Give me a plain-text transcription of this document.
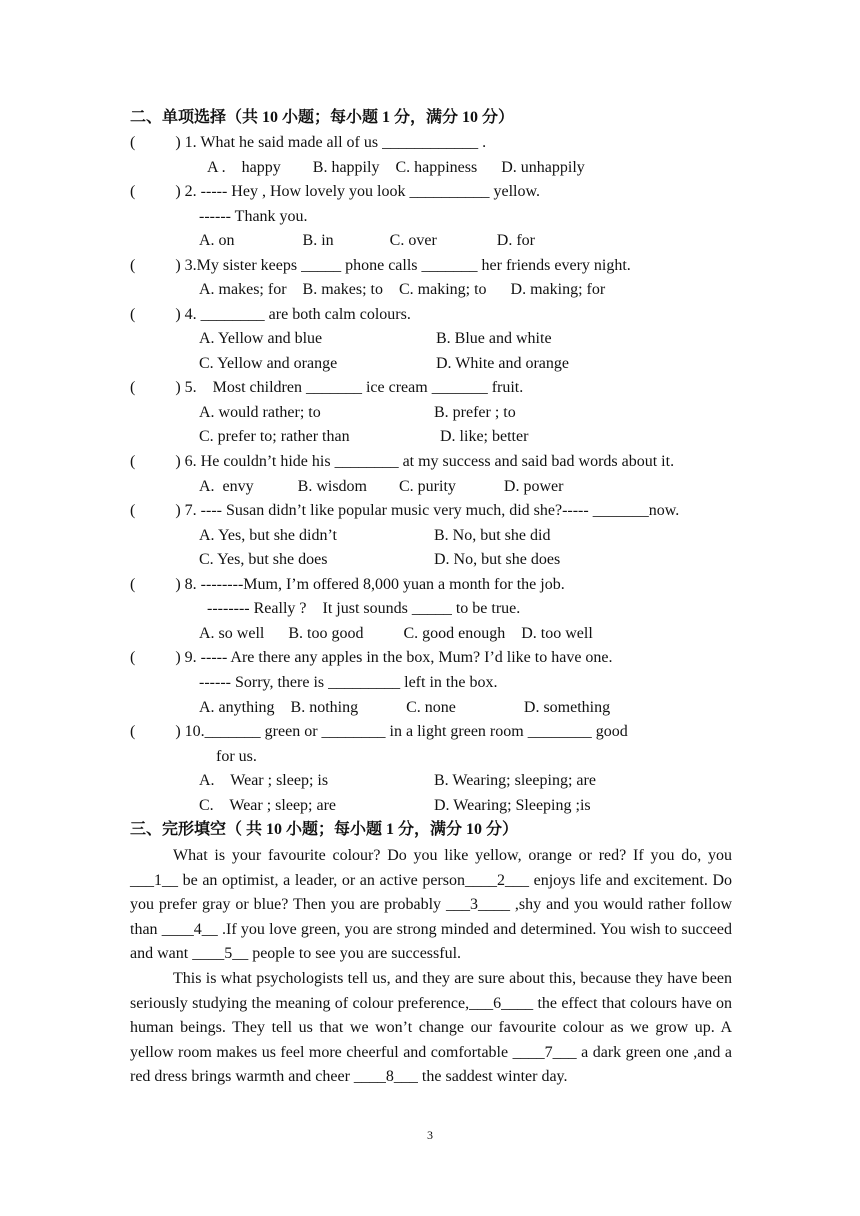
二、单项选择（共 10 小题；每小题 1 分，满分 10 分）
(          ) 1. What he said made all of us ____________ .
A .    happy        B. happily    C. happiness      D. unhappily
(          ) 2. ----- Hey , How lovely you look __________ yellow.
------ Thank you.
A. on                 B. in              C. over               D. for
(          ) 3.My sister keeps _____ phone calls _______ her friends every night.
A. makes; for    B. makes; to    C. making; to      D. making; for
(          ) 4. ________ are both calm colours.
A. Yellow and blue	B. Blue and white
C. Yellow and orange	D. White and orange
(          ) 5.    Most children _______ ice cream _______ fruit.
A. would rather; to	B. prefer ; to
C. prefer to; rather than	D. like; better
(          ) 6. He couldn’t hide his ________ at my success and said bad words about it.
A.  envy           B. wisdom        C. purity            D. power
(          ) 7. ---- Susan didn’t like popular music very much, did she?----- _______now.
A. Yes, but she didn’t	B. No, but she did
C. Yes, but she does	D. No, but she does
(          ) 8. --------Mum, I’m offered 8,000 yuan a month for the job.
-------- Really ?    It just sounds _____ to be true.
A. so well      B. too good          C. good enough    D. too well
(          ) 9. ----- Are there any apples in the box, Mum? I’d like to have one.
------ Sorry, there is _________ left in the box.
A. anything    B. nothing            C. none                 D. something
(          ) 10._______ green or ________ in a light green room ________ good
for us.
A.    Wear ; sleep; is	B. Wearing; sleeping; are
C.    Wear ; sleep; are	D. Wearing; Sleeping ;is
三、完形填空（ 共 10 小题；每小题 1 分，满分 10 分）
What is your favourite colour? Do you like yellow, orange or red? If you do, you ___1__ be an optimist, a leader, or an active person____2___ enjoys life and excitement. Do you prefer gray or blue? Then you are probably ___3____ ,shy and you would rather follow than ____4__ .If you love green, you are strong minded and determined. You wish to succeed and want ____5__ people to see you are successful.
This is what psychologists tell us, and they are sure about this, because they have been seriously studying the meaning of colour preference,___6____ the effect that colours have on human beings. They tell us that we won’t change our favourite colour as we grow up. A yellow room makes us feel more cheerful and comfortable ____7___ a dark green one ,and a red dress brings warmth and cheer ____8___ the saddest winter day.
3
